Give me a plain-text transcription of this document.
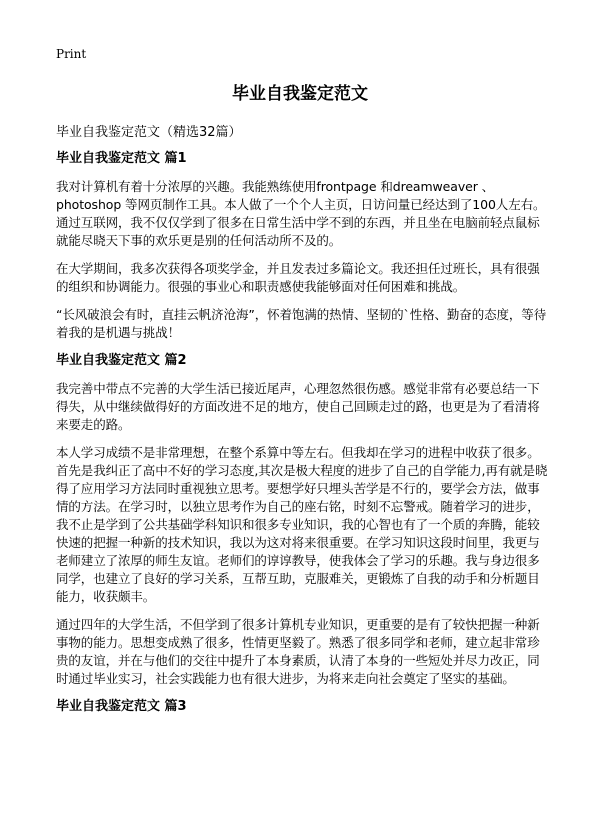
Print
毕业自我鉴定范文
毕业自我鉴定范文（精选32篇）
毕业自我鉴定范文 篇1

我对计算机有着十分浓厚的兴趣。我能熟练使用frontpage 和dreamweaver 、photoshop 等网页制作工具。本人做了一个个人主页，日访问量已经达到了100人左右。通过互联网，我不仅仅学到了很多在日常生活中学不到的东西，并且坐在电脑前轻点鼠标就能尽晓天下事的欢乐更是别的任何活动所不及的。

在大学期间，我多次获得各项奖学金，并且发表过多篇论文。我还担任过班长，具有很强的组织和协调能力。很强的事业心和职责感使我能够面对任何困难和挑战。

“长风破浪会有时，直挂云帆济沧海”，怀着饱满的热情、坚韧的`性格、勤奋的态度，等待着我的是机遇与挑战！

毕业自我鉴定范文 篇2

我完善中带点不完善的大学生活已接近尾声，心理忽然很伤感。感觉非常有必要总结一下得失，从中继续做得好的方面改进不足的地方，使自己回顾走过的路，也更是为了看清将来要走的路。

本人学习成绩不是非常理想，在整个系算中等左右。但我却在学习的进程中收获了很多。首先是我纠正了高中不好的学习态度,其次是极大程度的进步了自己的自学能力,再有就是晓得了应用学习方法同时重视独立思考。要想学好只埋头苦学是不行的，要学会方法，做事情的方法。在学习时，以独立思考作为自己的座右铭，时刻不忘警戒。随着学习的进步，我不止是学到了公共基础学科知识和很多专业知识，我的心智也有了一个质的奔腾，能较快速的把握一种新的技术知识，我以为这对将来很重要。在学习知识这段时间里，我更与老师建立了浓厚的师生友谊。老师们的谆谆教导，使我体会了学习的乐趣。我与身边很多同学，也建立了良好的学习关系，互帮互助，克服难关，更锻炼了自我的动手和分析题目能力，收获颇丰。

通过四年的大学生活，不但学到了很多计算机专业知识，更重要的是有了较快把握一种新事物的能力。思想变成熟了很多，性情更坚毅了。熟悉了很多同学和老师，建立起非常珍贵的友谊，并在与他们的交往中提升了本身素质，认清了本身的一些短处并尽力改正，同时通过毕业实习，社会实践能力也有很大进步，为将来走向社会奠定了坚实的基础。

毕业自我鉴定范文 篇3
